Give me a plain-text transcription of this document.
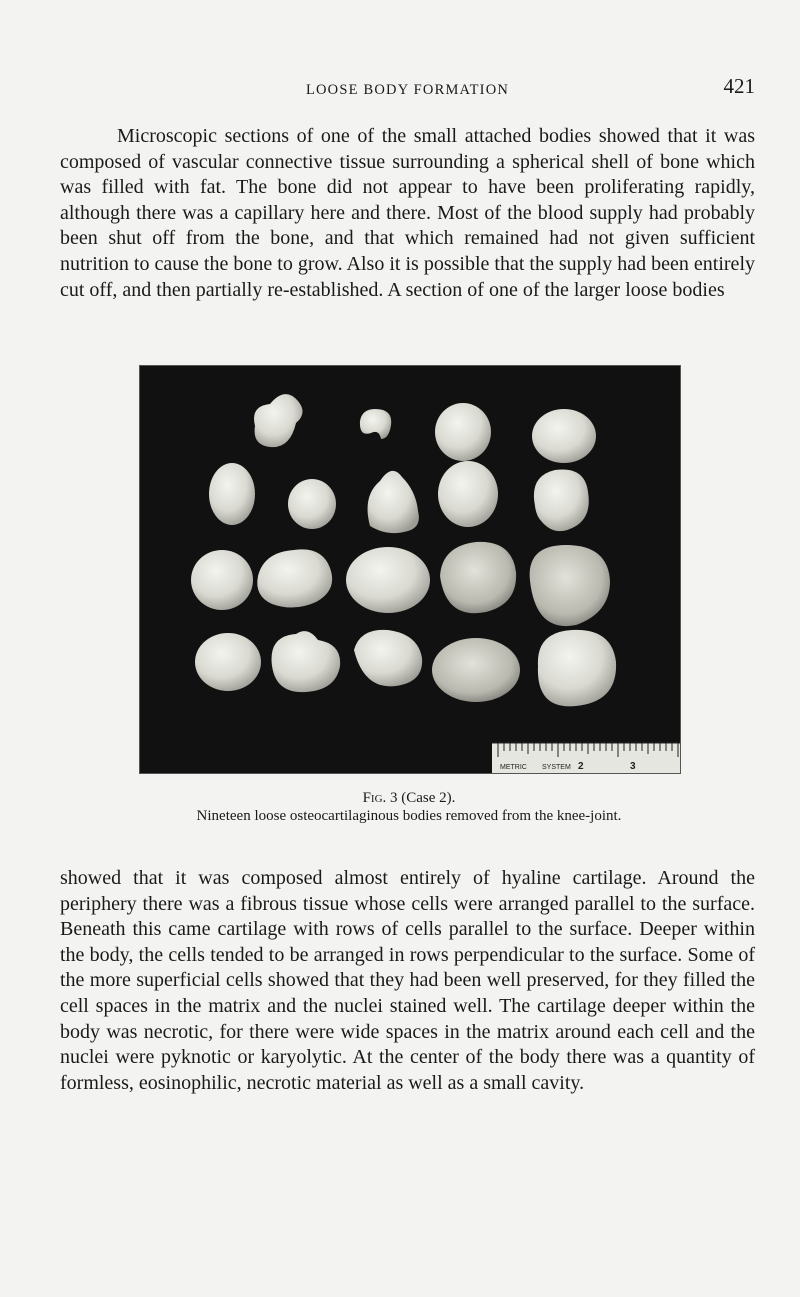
LOOSE BODY FORMATION	421

Microscopic sections of one of the small attached bodies showed that it was composed of vascular connective tissue surrounding a spherical shell of bone which was filled with fat. The bone did not appear to have been proliferating rapidly, although there was a capillary here and there. Most of the blood supply had probably been shut off from the bone, and that which remained had not given sufficient nutrition to cause the bone to grow. Also it is possible that the supply had been entirely cut off, and then partially re-established. A section of one of the larger loose bodies

METRIC SYSTEM 2	3
Fig. 3 (Case 2).
Nineteen loose osteocartilaginous bodies removed from the knee-joint.

showed that it was composed almost entirely of hyaline cartilage. Around the periphery there was a fibrous tissue whose cells were arranged parallel to the surface. Beneath this came cartilage with rows of cells parallel to the surface. Deeper within the body, the cells tended to be arranged in rows perpendicular to the surface. Some of the more superficial cells showed that they had been well preserved, for they filled the cell spaces in the matrix and the nuclei stained well. The cartilage deeper within the body was necrotic, for there were wide spaces in the matrix around each cell and the nuclei were pyknotic or karyolytic. At the center of the body there was a quantity of formless, eosinophilic, necrotic material as well as a small cavity.
